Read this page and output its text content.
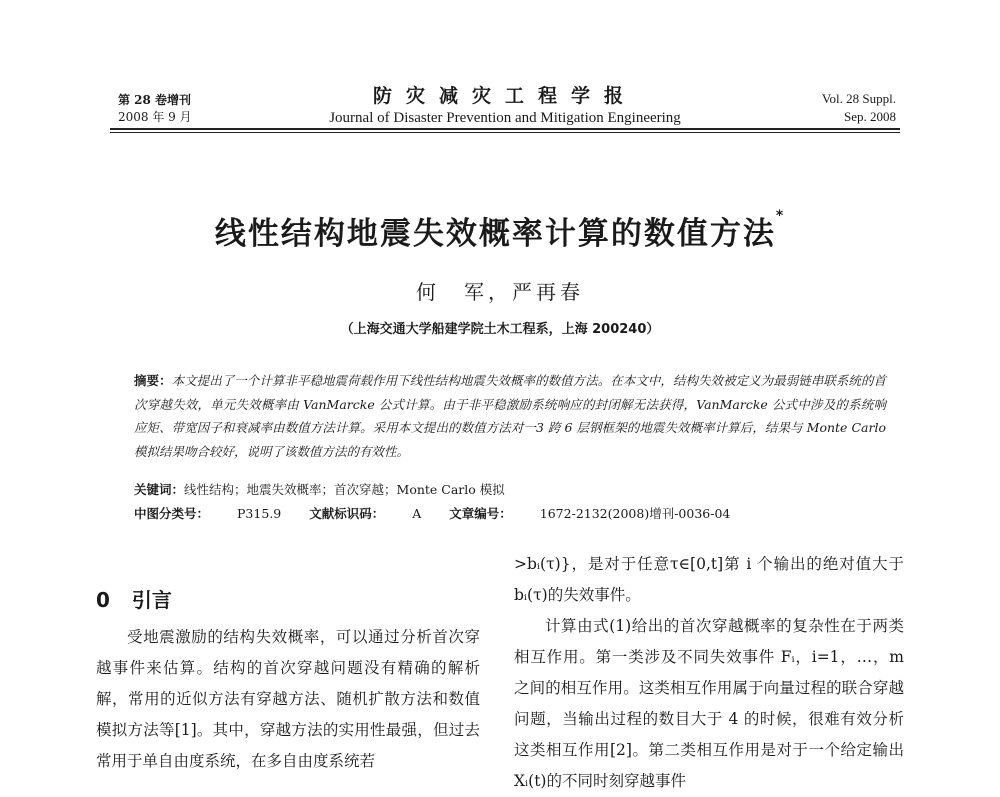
第 28 卷增刊
2008 年 9 月
防灾减灾工程学报
Journal of Disaster Prevention and Mitigation Engineering
Vol. 28 Suppl.
Sep. 2008
线性结构地震失效概率计算的数值方法*
何　军，严再春
（上海交通大学船建学院土木工程系，上海 200240）
摘要：本文提出了一个计算非平稳地震荷载作用下线性结构地震失效概率的数值方法。在本文中，结构失效被定义为最弱链串联系统的首次穿越失效，单元失效概率由 VanMarcke 公式计算。由于非平稳激励系统响应的封闭解无法获得，VanMarcke 公式中涉及的系统响应矩、带宽因子和衰减率由数值方法计算。采用本文提出的数值方法对一3 跨 6 层钢框架的地震失效概率计算后，结果与 Monte Carlo 模拟结果吻合较好，说明了该数值方法的有效性。
关键词：线性结构；地震失效概率；首次穿越；Monte Carlo 模拟
中图分类号： P315.9 文献标识码： A 文章编号： 1672-2132(2008)增刊-0036-04
0 引言
受地震激励的结构失效概率，可以通过分析首次穿越事件来估算。结构的首次穿越问题没有精确的解析解，常用的近似方法有穿越方法、随机扩散方法和数值模拟方法等[1]。其中，穿越方法的实用性最强，但过去常用于单自由度系统，在多自由度系统若

>bᵢ(τ)}，是对于任意τ∈[0,t]第 i 个输出的绝对值大于 bᵢ(τ)的失效事件。

计算由式(1)给出的首次穿越概率的复杂性在于两类相互作用。第一类涉及不同失效事件 Fᵢ，i=1，…，m 之间的相互作用。这类相互作用属于向量过程的联合穿越问题，当输出过程的数目大于 4 的时候，很难有效分析这类相互作用[2]。第二类相互作用是对于一个给定输出 Xᵢ(t)的不同时刻穿越事件
